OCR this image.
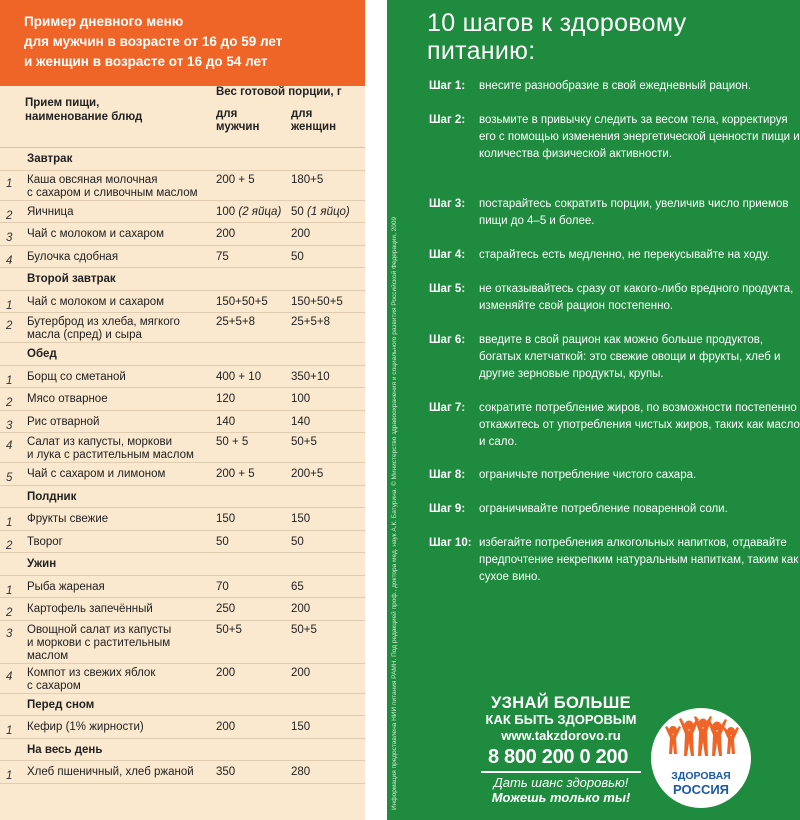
Пример дневного меню
для мужчин в возрасте от 16 до 59 лет
и женщин в возрасте от 16 до 54 лет
Прием пищи,
наименование блюд
Вес готовой порции, г
для
мужчин
для
женщин
Завтрак
1 Каша овсяная молочная
с сахаром и сливочным маслом
200 + 5	180+5
2 Яичница	100 (2 яйца) 50 (1 яйцо)
3 Чай с молоком и сахаром	200	200
4 Булочка сдобная	75	50
Второй завтрак
1 Чай с молоком и сахаром	150+50+5 150+50+5
2 Бутерброд из хлеба, мягкого
масла (спред) и сыра
25+5+8	25+5+8
Обед
1 Борщ со сметаной	400 + 10	350+10
2 Мясо отварное	120	100
3 Рис отварной	140	140
4 Салат из капусты, моркови
и лука с растительным маслом
50 + 5	50+5
5 Чай с сахаром и лимоном	200 + 5	200+5
Полдник
1 Фрукты свежие	150	150
2 Творог	50	50
Ужин
1 Рыба жареная	70	65
2 Картофель запечённый	250	200
3 Овощной салат из капусты
и моркови с растительным
маслом
50+5	50+5
4 Компот из свежих яблок
с сахаром
200	200
Перед сном
1 Кефир (1% жирности)	200	150
На весь день
1 Хлеб пшеничный, хлеб ржаной	350	280
10 шагов к здоровому
питанию:
Информация предоставлена НИИ питания РАМН. Под редакцией проф., доктора мед. наук А.К. Батурина. © Министерство здравоохранения и социального развития Российской Федерации, 2009
Шаг 1: внесите разнообразие в свой ежедневный рацион.
Шаг 2: возьмите в привычку следить за весом тела, корректируя его с помощью изменения энергетической ценности пищи и количества физической активности.
Шаг 3: постарайтесь сократить порции, увеличив число приемов пищи до 4–5 и более.
Шаг 4: старайтесь есть медленно, не перекусывайте на ходу.
Шаг 5: не отказывайтесь сразу от какого-либо вредного продукта, изменяйте свой рацион постепенно.
Шаг 6: введите в свой рацион как можно больше продуктов, богатых клетчаткой: это свежие овощи и фрукты, хлеб и другие зерновые продукты, крупы.
Шаг 7: сократите потребление жиров, по возможности постепенно откажитесь от употребления чистых жиров, таких как масло и сало.
Шаг 8: ограничьте потребление чистого сахара.
Шаг 9: ограничивайте потребление поваренной соли.
Шаг 10: избегайте потребления алкогольных напитков, отдавайте предпочтение некрепким натуральным напиткам, таким как сухое вино.
УЗНАЙ БОЛЬШЕ
КАК БЫТЬ ЗДОРОВЫМ
www.takzdorovo.ru
8 800 200 0 200
Дать шанс здоровью!
Можешь только ты!
ЗДОРОВАЯ
РОССИЯ
